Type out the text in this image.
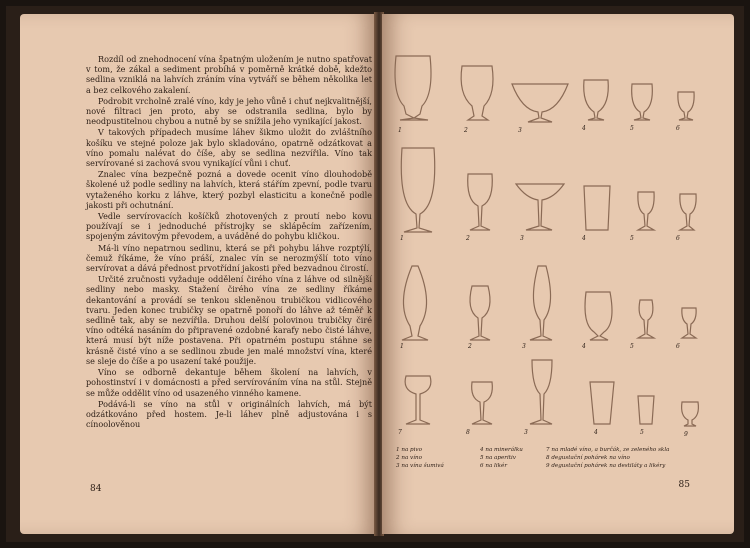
Rozdíl od znehodnocení vína špatným uložením je nutno spatřovat v tom, že zákal a sediment probíhá v poměrně krátké době, kdežto sedlina vzniklá na lahvích zráním vína vytváří se během několika let a bez celkového zakalení.

Podrobit vrcholně zralé víno, kdy je jeho vůně i chuť nejkvalitnější, nové filtraci jen proto, aby se odstranila sedlina, bylo by neodpustitelnou chybou a nutně by se snížila jeho vynikající jakost.

V takových případech musíme láhev šikmo uložit do zvláštního košíku ve stejné poloze jak bylo skladováno, opatrně odzátkovat a víno pomalu nalévat do číše, aby se sedlina nezvířila. Víno tak servírované si zachová svou vynikající vůni i chuť.

Znalec vína bezpečně pozná a dovede ocenit víno dlouhodobě školené už podle sedliny na lahvích, která stářím zpevní, podle tvaru vytaženého korku z láhve, který pozbyl elasticitu a konečně podle jakosti při ochutnání.

Vedle servírovacích košíčků zhotovených z proutí nebo kovu používají se i jednoduché přístrojky se sklápěcím zařízením, spojeným závitovým převodem, a uváděné do pohybu kličkou.

Má-li víno nepatrnou sedlinu, která se při pohybu láhve rozptýlí, čemuž říkáme, že víno práší, znalec vín se nerozmýšlí toto víno servírovat a dává přednost prvotřídní jakosti před bezvadnou čirostí.

Určité zručnosti vyžaduje oddělení čirého vína z láhve od silnější sedliny nebo masky. Stažení čirého vína ze sedliny říkáme dekantování a provádí se tenkou skleněnou trubičkou vidlicového tvaru. Jeden konec trubičky se opatrně ponoří do láhve až téměř k sedlině tak, aby se nezvířila. Druhou delší polovinou trubičky čiré víno odtéká nasáním do připravené ozdobné karafy nebo čisté láhve, která musí být níže postavena. Při opatrném postupu stáhne se krásně čisté víno a se sedlinou zbude jen malé množství vína, které se sleje do číše a po usazení také použije.

Víno se odborně dekantuje během školení na lahvích, v pohostinství i v domácnosti a před servírováním vína na stůl. Stejně se může oddělit víno od usazeného vinného kamene.

Podává-li se víno na stůl v originálních lahvích, má být odzátkováno před hostem. Je-li láhev plně adjustována i s cínoolověnou

84
1	2	3	4	5	6
1	2	3	4	5	6
1	2	3	4	5	6
7	8	3	4	5	9
1 na pivo
2 na víno
3 na vína šumivá
4 na minerálku
5 na aperitiv
6 na likér
7 na mladé víno, a burčák, ze zeleného skla
8 degustační pohárek na víno
9 degustační pohárek na destiláty a likéry
85
